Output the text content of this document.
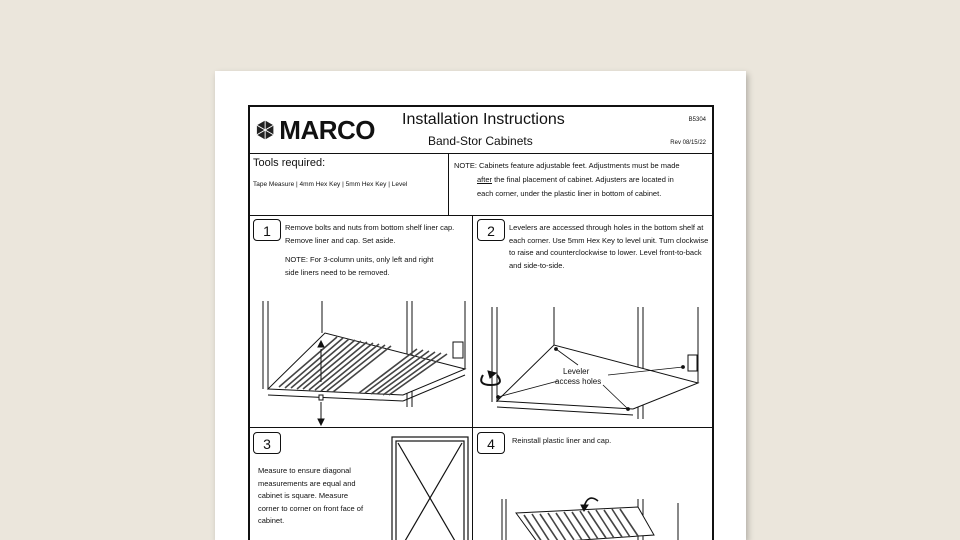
MARCO Installation Instructions
Band-Stor Cabinets
B5304
Rev 08/15/22
Tools required:
Tape Measure | 4mm Hex Key | 5mm Hex Key | Level
NOTE: Cabinets feature adjustable feet. Adjustments must be made
after the final placement of cabinet. Adjusters are located in
each corner, under the plastic liner in bottom of cabinet.
1	Remove bolts and nuts from bottom shelf liner cap. Remove liner and cap. Set aside.
NOTE: For 3-column units, only left and right side liners need to be removed.
2	Levelers are accessed through holes in the bottom shelf at each corner. Use 5mm Hex Key to level unit. Turn clockwise to raise and counterclockwise to lower. Level front-to-back and side-to-side.
Leveler
access holes
3
Measure to ensure diagonal measurements are equal and cabinet is square. Measure corner to corner on front face of cabinet.
4	Reinstall plastic liner and cap.
